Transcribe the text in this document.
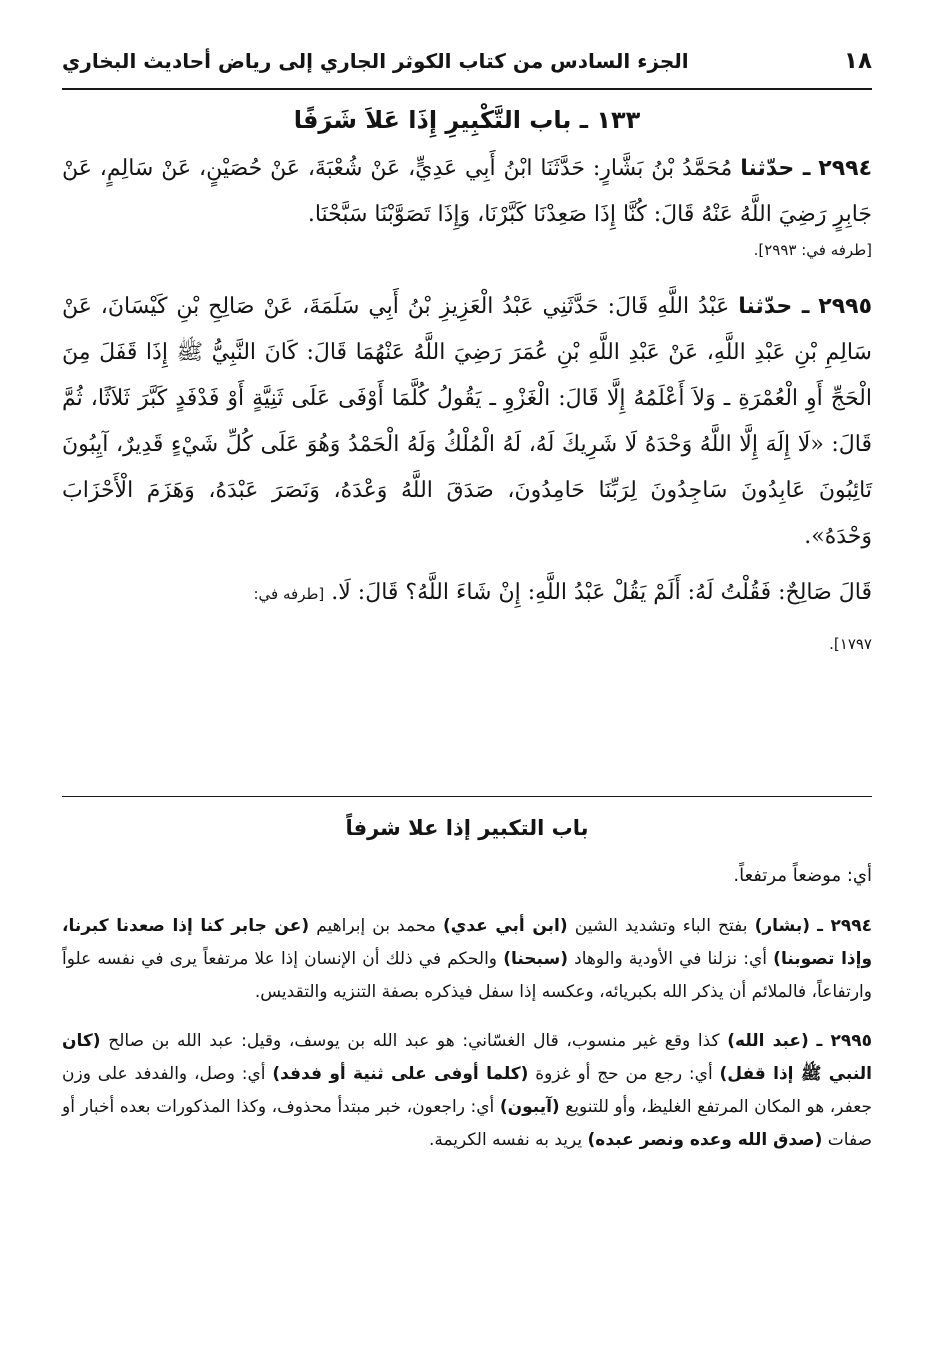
١٨
الجزء السادس من كتاب الكوثر الجاري إلى رياض أحاديث البخاري
١٣٣ ـ باب التَّكْبِيرِ إِذَا عَلاَ شَرَفًا

٢٩٩٤ ـ حدّثنا مُحَمَّدُ بْنُ بَشَّارٍ: حَدَّثَنَا ابْنُ أَبِي عَدِيٍّ، عَنْ شُعْبَةَ، عَنْ حُصَيْنٍ، عَنْ سَالِمٍ، عَنْ جَابِرٍ رَضِيَ اللَّهُ عَنْهُ قَالَ: كُنَّا إِذَا صَعِدْنَا كَبَّرْنَا، وَإِذَا تَصَوَّبْنَا سَبَّحْنَا.

[طرفه في: ٢٩٩٣].

٢٩٩٥ ـ حدّثنا عَبْدُ اللَّهِ قَالَ: حَدَّثَنِي عَبْدُ الْعَزِيزِ بْنُ أَبِي سَلَمَةَ، عَنْ صَالِحِ بْنِ كَيْسَانَ، عَنْ سَالِمِ بْنِ عَبْدِ اللَّهِ، عَنْ عَبْدِ اللَّهِ بْنِ عُمَرَ رَضِيَ اللَّهُ عَنْهُمَا قَالَ: كَانَ النَّبِيُّ ﷺ إِذَا قَفَلَ مِنَ الْحَجِّ أَوِ الْعُمْرَةِ ـ وَلاَ أَعْلَمُهُ إِلَّا قَالَ: الْغَزْوِ ـ يَقُولُ كُلَّمَا أَوْفَى عَلَى ثَنِيَّةٍ أَوْ فَدْفَدٍ كَبَّرَ ثَلاَثًا، ثُمَّ قَالَ: «لَا إِلَهَ إِلَّا اللَّهُ وَحْدَهُ لَا شَرِيكَ لَهُ، لَهُ الْمُلْكُ وَلَهُ الْحَمْدُ وَهُوَ عَلَى كُلِّ شَيْءٍ قَدِيرٌ، آيِبُونَ تَائِبُونَ عَابِدُونَ سَاجِدُونَ لِرَبِّنَا حَامِدُونَ، صَدَقَ اللَّهُ وَعْدَهُ، وَنَصَرَ عَبْدَهُ، وَهَزَمَ الْأَحْزَابَ وَحْدَهُ».

قَالَ صَالِحٌ: فَقُلْتُ لَهُ: أَلَمْ يَقُلْ عَبْدُ اللَّهِ: إِنْ شَاءَ اللَّهُ؟ قَالَ: لَا. [طرفه في:

١٧٩٧].

باب التكبير إذا علا شرفاً

أي: موضعاً مرتفعاً.

٢٩٩٤ ـ (بشار) بفتح الباء وتشديد الشين (ابن أبي عدي) محمد بن إبراهيم (عن جابر كنا إذا صعدنا كبرنا، وإذا تصوبنا) أي: نزلنا في الأودية والوهاد (سبحنا) والحكم في ذلك أن الإنسان إذا علا مرتفعاً يرى في نفسه علواً وارتفاعاً، فالملائم أن يذكر الله بكبريائه، وعكسه إذا سفل فيذكره بصفة التنزيه والتقديس.

٢٩٩٥ ـ (عبد الله) كذا وقع غير منسوب، قال الغسّاني: هو عبد الله بن يوسف، وقيل: عبد الله بن صالح (كان النبي ﷺ إذا قفل) أي: رجع من حج أو غزوة (كلما أوفى على ثنية أو فدفد) أي: وصل، والفدفد على وزن جعفر، هو المكان المرتفع الغليظ، وأو للتنويع (آيبون) أي: راجعون، خبر مبتدأ محذوف، وكذا المذكورات بعده أخبار أو صفات (صدق الله وعده ونصر عبده) يريد به نفسه الكريمة.
